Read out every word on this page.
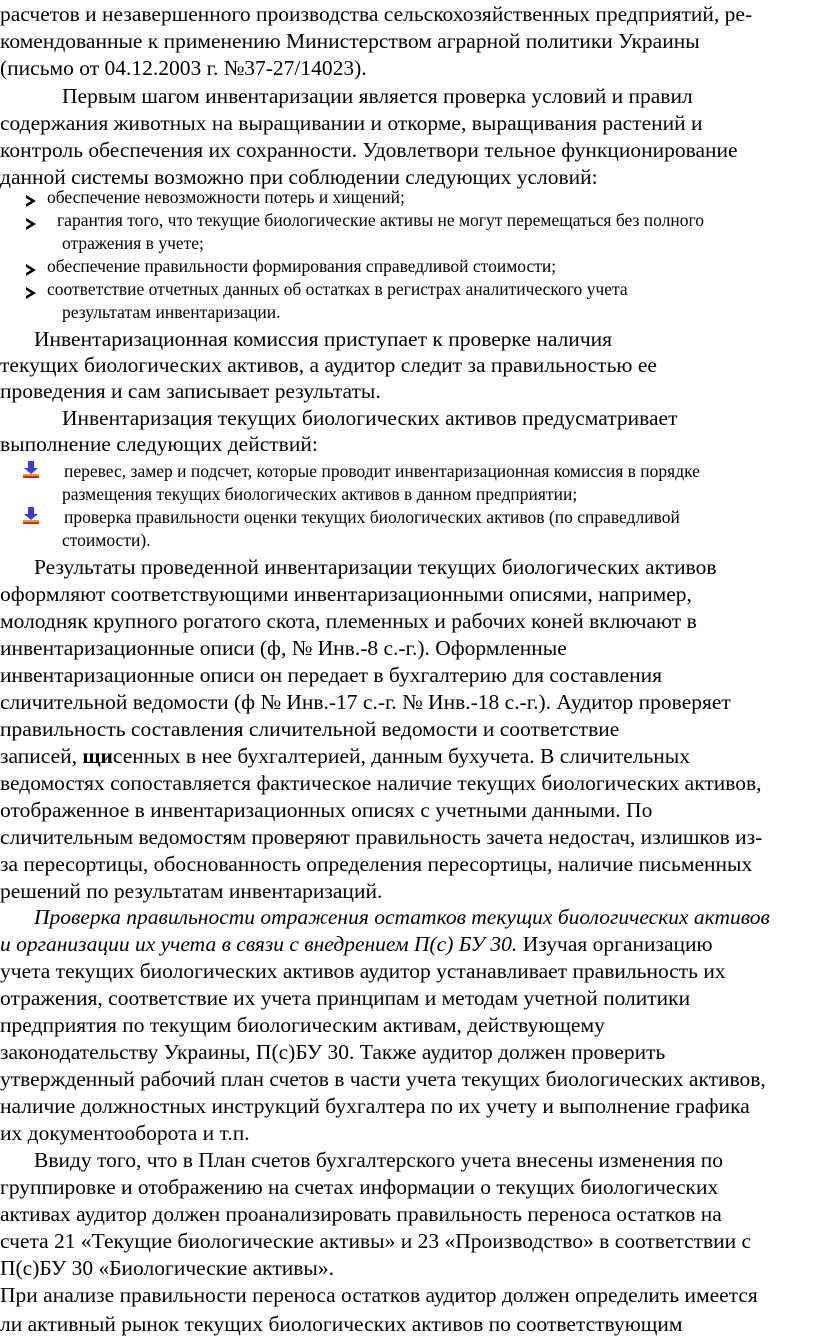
расчетов и незавершенного производства сельскохозяйственных предприятий, ре-
комендованные к применению Министерством аграрной политики Украины
(письмо от 04.12.2003 г. №37-27/14023).
Первым шагом инвентаризации является проверка условий и правил
содержания животных на выращивании и откорме, выращивания растений и
контроль обеспечения их сохранности. Удовлетвори тельное функционирование
данной системы возможно при соблюдении следующих условий:
обеспечение невозможности потерь и хищений;
гарантия того, что текущие биологические активы не могут перемещаться без полного
отражения в учете;
обеспечение правильности формирования справедливой стоимости;
соответствие отчетных данных об остатках в регистрах аналитического учета
результатам инвентаризации.
Инвентаризационная комиссия приступает к проверке наличия
текущих биологических активов, а аудитор следит за правильностью ее
проведения и сам записывает результаты.
Инвентаризация текущих биологических активов предусматривает
выполнение следующих действий:
перевес, замер и подсчет, которые проводит инвентаризационная комиссия в порядке
размещения текущих биологических активов в данном предприятии;
проверка правильности оценки текущих биологических активов (по справедливой
стоимости).
Результаты проведенной инвентаризации текущих биологических активов
оформляют соответствующими инвентаризационными описями, например,
молодняк крупного рогатого скота, племенных и рабочих коней включают в
инвентаризационные описи (ф, № Инв.-8 с.-г.). Оформленные
инвентаризационные описи он передает в бухгалтерию для составления
сличительной ведомости (ф № Инв.-17 с.-г. № Инв.-18 с.-г.). Аудитор проверяет
правильность составления сличительной ведомости и соответствие
записей, щисенных в нее бухгалтерией, данным бухучета. В сличительных
ведомостях сопоставляется фактическое наличие текущих биологических активов,
отображенное в инвентаризационных описях с учетными данными. По
сличительным ведомостям проверяют правильность зачета недостач, излишков из-
за пересортицы, обоснованность определения пересортицы, наличие письменных
решений по результатам инвентаризаций.
Проверка правильности отражения остатков текущих биологических активов
и организации их учета в связи с внедрением П(с) БУ 30. Изучая организацию
учета текущих биологических активов аудитор устанавливает правильность их
отражения, соответствие их учета принципам и методам учетной политики
предприятия по текущим биологическим активам, действующему
законодательству Украины, П(с)БУ 30. Также аудитор должен проверить
утвержденный рабочий план счетов в части учета текущих биологических активов,
наличие должностных инструкций бухгалтера по их учету и выполнение графика
их документооборота и т.п.
Ввиду того, что в План счетов бухгалтерского учета внесены изменения по
группировке и отображению на счетах информации о текущих биологических
активах аудитор должен проанализировать правильность переноса остатков на
счета 21 «Текущие биологические активы» и 23 «Производство» в соответствии с
П(с)БУ 30 «Биологические активы».
При анализе правильности переноса остатков аудитор должен определить имеется
ли активный рынок текущих биологических активов по соответствующим
